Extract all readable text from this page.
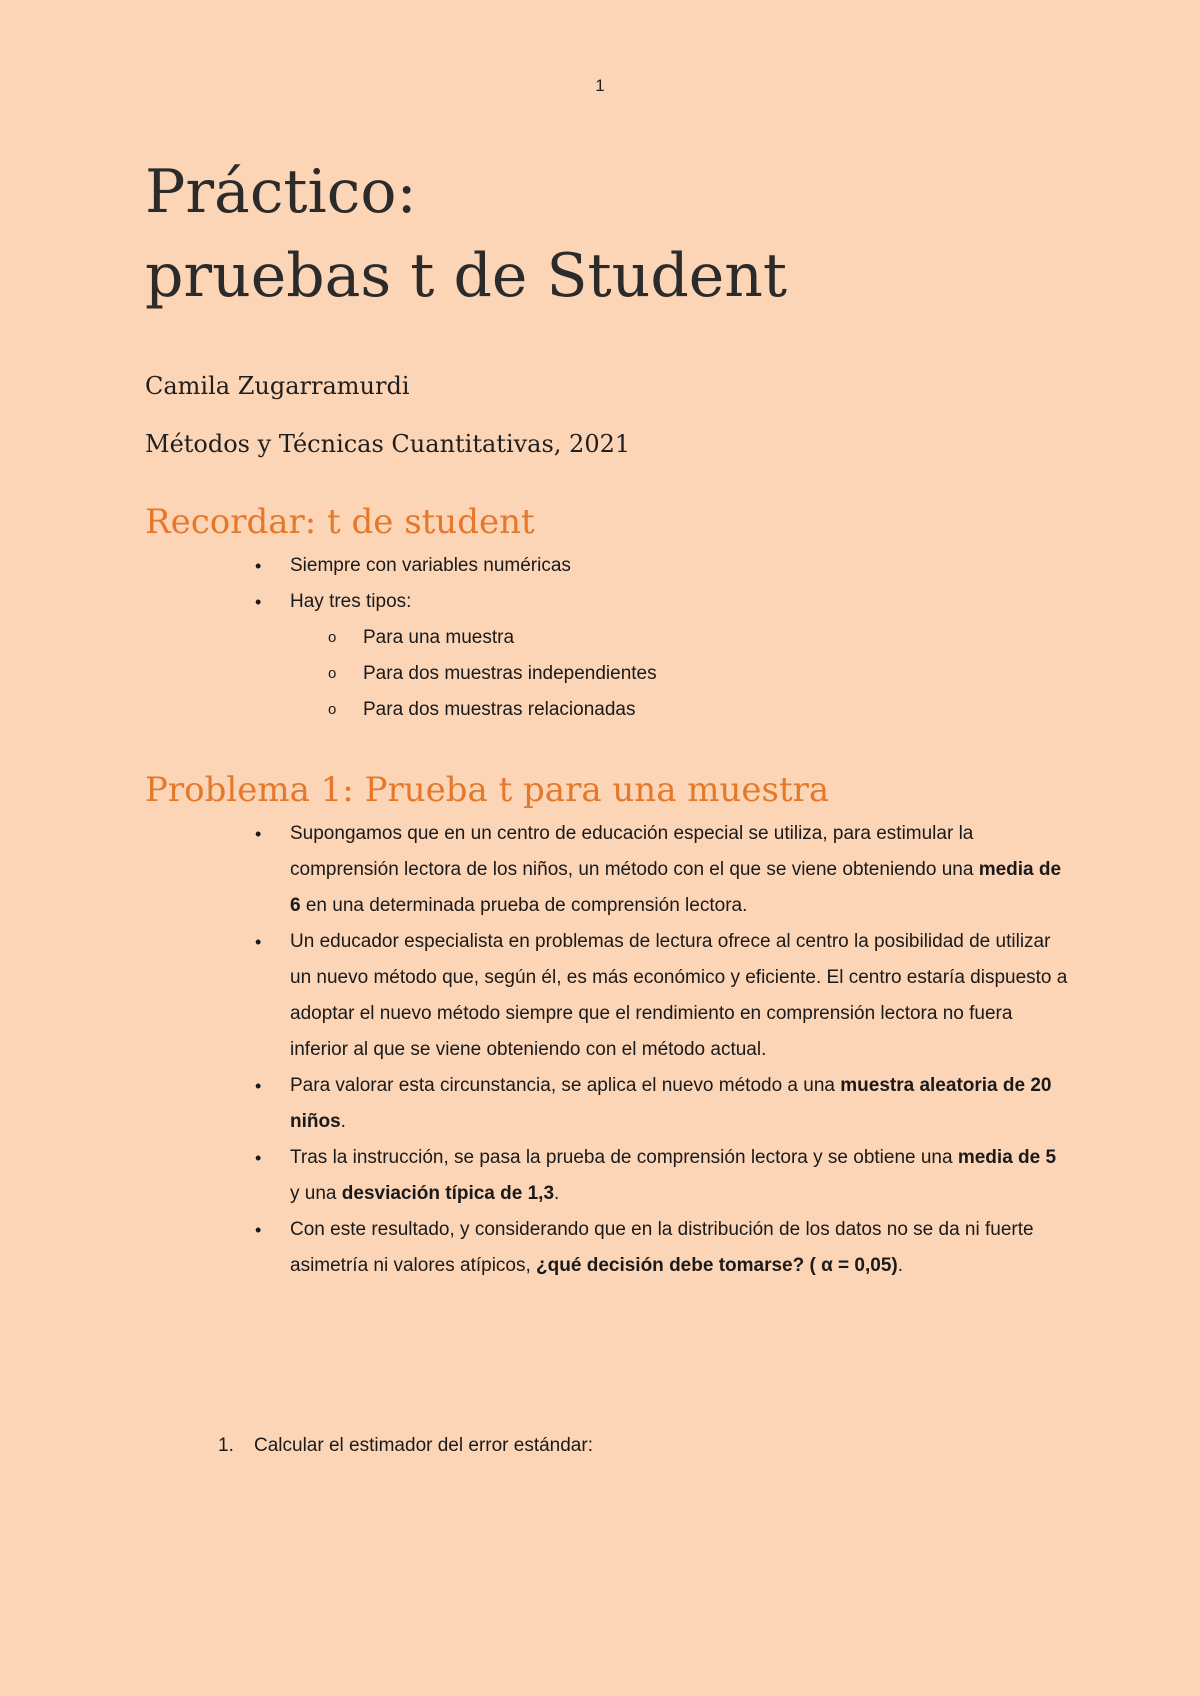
1
Práctico:
pruebas t de Student
Camila Zugarramurdi
Métodos y Técnicas Cuantitativas, 2021
Recordar: t de student
• Siempre con variables numéricas
• Hay tres tipos:
o Para una muestra
o Para dos muestras independientes
o Para dos muestras relacionadas
Problema 1: Prueba t para una muestra
• Supongamos que en un centro de educación especial se utiliza, para estimular la comprensión lectora de los niños, un método con el que se viene obteniendo una media de 6 en una determinada prueba de comprensión lectora.
• Un educador especialista en problemas de lectura ofrece al centro la posibilidad de utilizar un nuevo método que, según él, es más económico y eficiente. El centro estaría dispuesto a adoptar el nuevo método siempre que el rendimiento en comprensión lectora no fuera inferior al que se viene obteniendo con el método actual.
• Para valorar esta circunstancia, se aplica el nuevo método a una muestra aleatoria de 20 niños.
• Tras la instrucción, se pasa la prueba de comprensión lectora y se obtiene una media de 5 y una desviación típica de 1,3.
• Con este resultado, y considerando que en la distribución de los datos no se da ni fuerte asimetría ni valores atípicos, ¿qué decisión debe tomarse? ( α = 0,05).
1. Calcular el estimador del error estándar:
